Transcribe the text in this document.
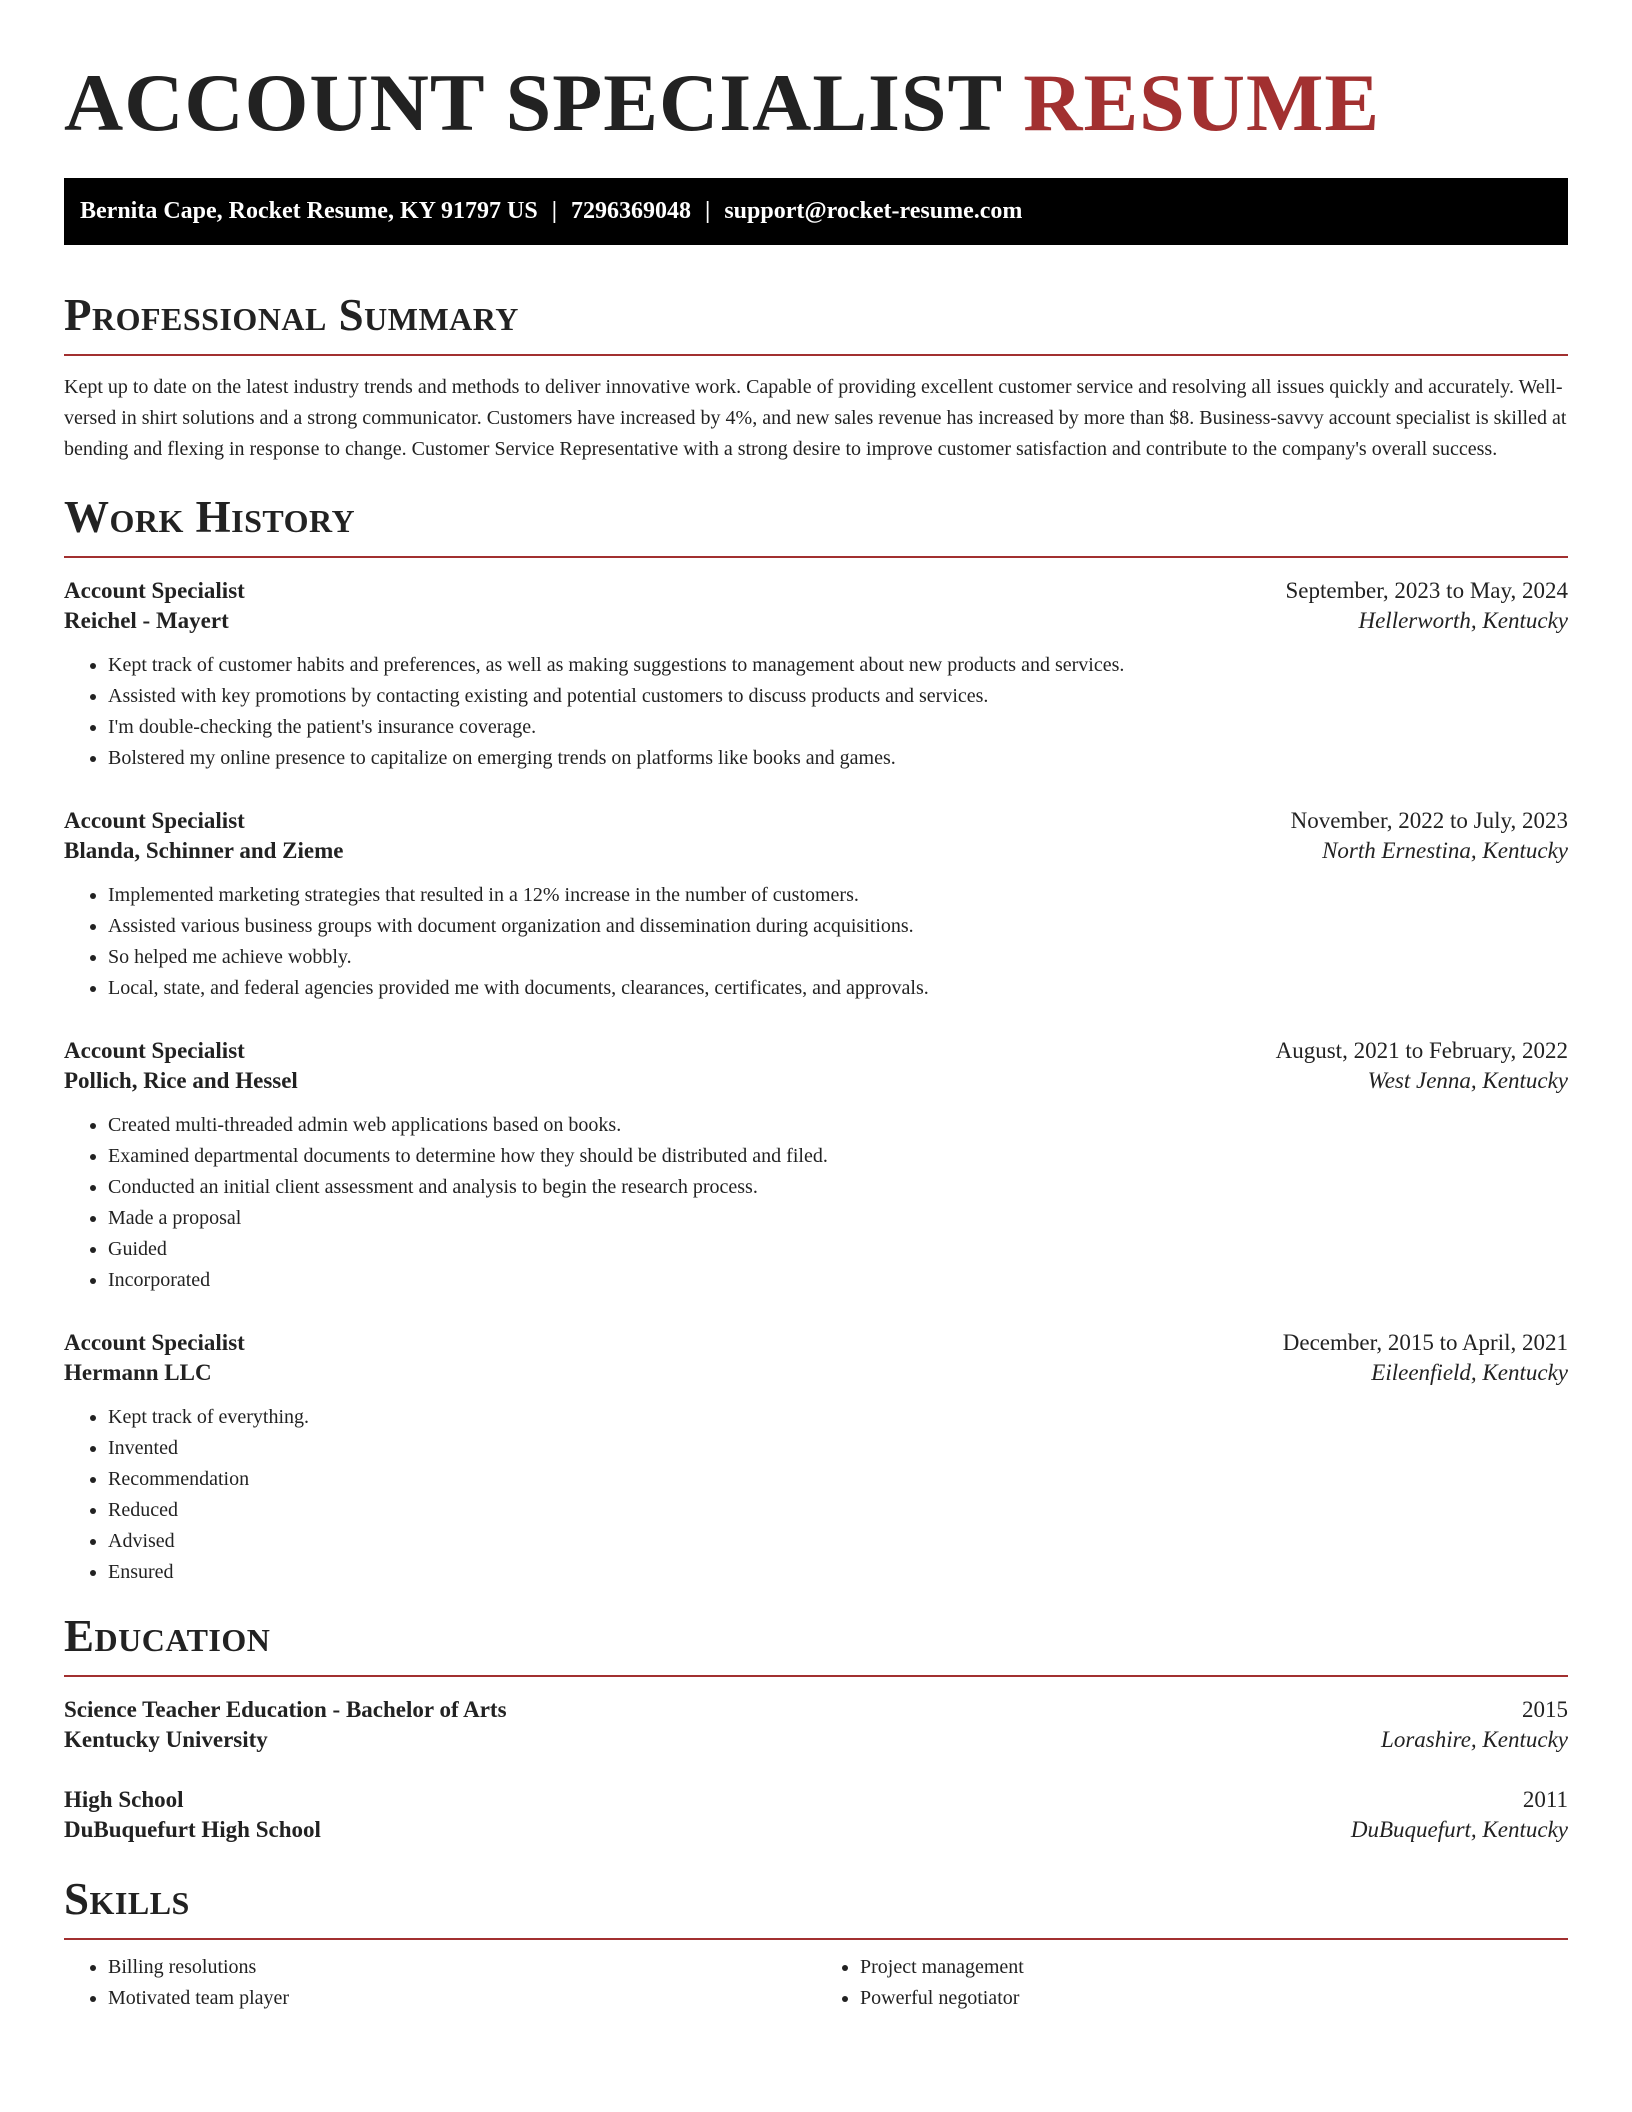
ACCOUNT SPECIALIST RESUME
Bernita Cape, Rocket Resume, KY 91797 US | 7296369048 | support@rocket-resume.com
Professional Summary

Kept up to date on the latest industry trends and methods to deliver innovative work. Capable of providing excellent customer service and resolving all issues quickly and accurately. Well-versed in shirt solutions and a strong communicator. Customers have increased by 4%, and new sales revenue has increased by more than $8. Business-savvy account specialist is skilled at bending and flexing in response to change. Customer Service Representative with a strong desire to improve customer satisfaction and contribute to the company's overall success.

Work History
Account Specialist	September, 2023 to May, 2024
Reichel - Mayert	Hellerworth, Kentucky
• Kept track of customer habits and preferences, as well as making suggestions to management about new products and services.
• Assisted with key promotions by contacting existing and potential customers to discuss products and services.
• I'm double-checking the patient's insurance coverage.
• Bolstered my online presence to capitalize on emerging trends on platforms like books and games.
Account Specialist	November, 2022 to July, 2023
Blanda, Schinner and Zieme	North Ernestina, Kentucky
• Implemented marketing strategies that resulted in a 12% increase in the number of customers.
• Assisted various business groups with document organization and dissemination during acquisitions.
• So helped me achieve wobbly.
• Local, state, and federal agencies provided me with documents, clearances, certificates, and approvals.
Account Specialist	August, 2021 to February, 2022
Pollich, Rice and Hessel	West Jenna, Kentucky
• Created multi-threaded admin web applications based on books.
• Examined departmental documents to determine how they should be distributed and filed.
• Conducted an initial client assessment and analysis to begin the research process.
• Made a proposal
• Guided
• Incorporated
Account Specialist	December, 2015 to April, 2021
Hermann LLC	Eileenfield, Kentucky
• Kept track of everything.
• Invented
• Recommendation
• Reduced
• Advised
• Ensured
Education
Science Teacher Education - Bachelor of Arts	2015
Kentucky University	Lorashire, Kentucky
High School	2011
DuBuquefurt High School	DuBuquefurt, Kentucky
Skills
• Billing resolutions
• Motivated team player
• Project management
• Powerful negotiator
